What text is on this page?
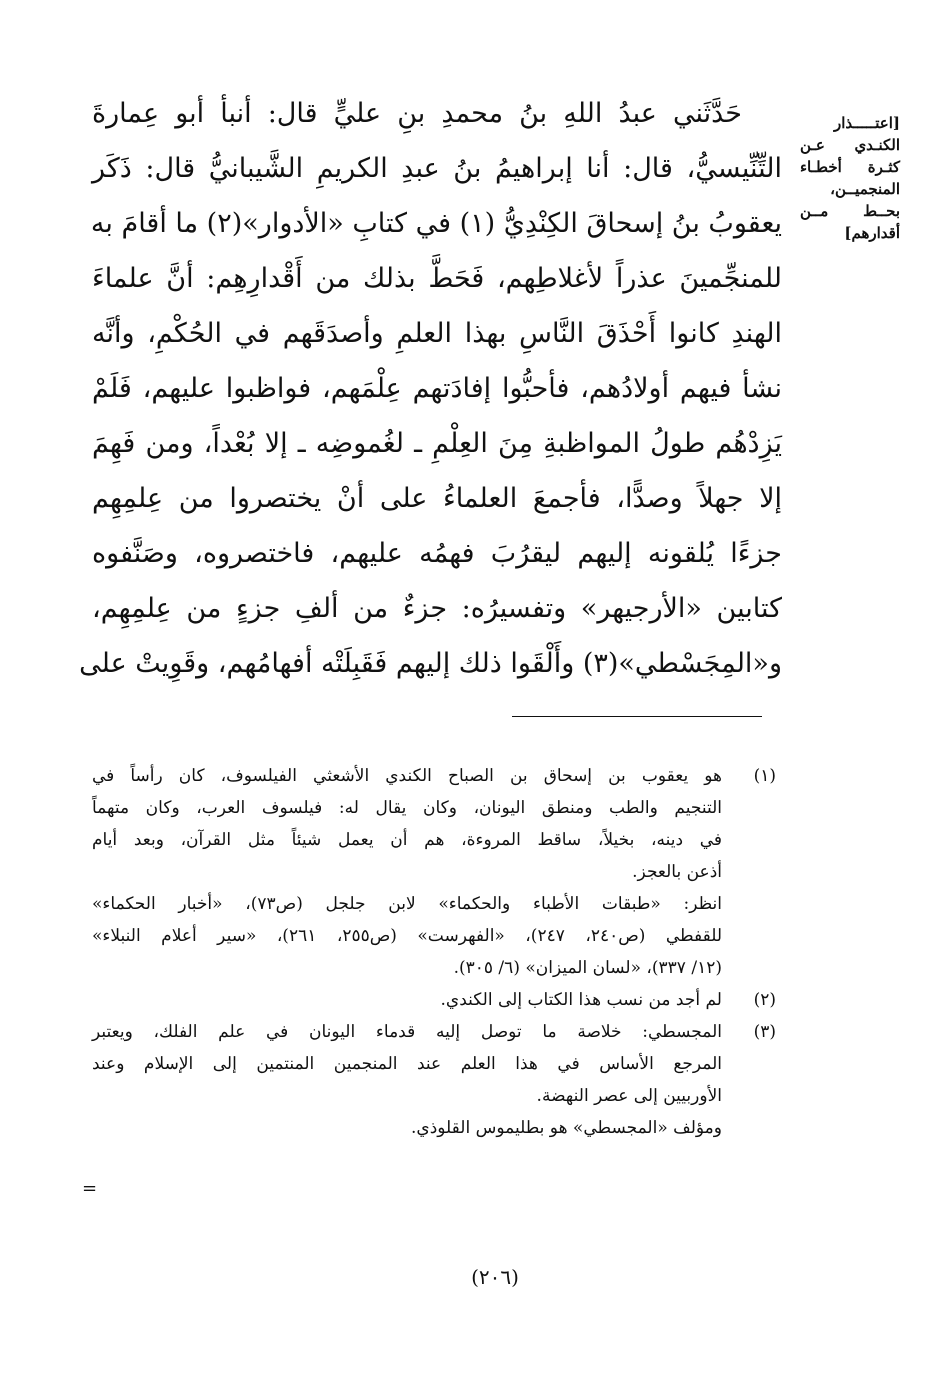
[اعتـــــذار
الكنـدي عـن
كثـرة أخطـاء
المنجميــن،
بحــط مــن
أقدارهم]
حَدَّثَني عبدُ اللهِ بنُ محمدِ بنِ عليٍّ قال: أنبأ أبو عِمارةَ
التِّنِّيسيُّ، قال: أنا إبراهيمُ بنُ عبدِ الكريمِ الشَّيبانيُّ قال: ذَكَر
يعقوبُ بنُ إسحاقَ الكِنْدِيُّ (١) في كتابِ «الأدوار»(٢) ما أقامَ به
للمنجِّمينَ عذراً لأغلاطِهم، فَحَطَّ بذلك من أَقْدارِهِم: أنَّ علماءَ
الهندِ كانوا أَحْذَقَ النَّاسِ بهذا العلمِ وأصدَقَهم في الحُكْمِ، وأنَّه
نشأ فيهم أولادُهم، فأحبُّوا إفادَتهم عِلْمَهم، فواظبوا عليهم، فَلَمْ
يَزِدْهُم طولُ المواظبةِ مِنَ العِلْمِ ـ لغُموضِه ـ إلا بُعْداً، ومن فَهِمَ
إلا جهلاً وصدًّا، فأجمعَ العلماءُ على أنْ يختصروا من عِلمِهِم
جزءًا يُلقونه إليهم ليقرُبَ فهمُه عليهم، فاختصروه، وصَنَّفوه
كتابين «الأرجيهر» وتفسيرُه: جزءٌ من ألفِ جزءٍ من عِلمِهِم،
و«المِجَسْطي»(٣) وأَلْقَوا ذلك إليهم فَقَبِلَتْه أفهامُهم، وقَوِيتْ على
(١)
هو يعقوب بن إسحاق بن الصباح الكندي الأشعثي الفيلسوف، كان رأساً في
التنجيم والطب ومنطق اليونان، وكان يقال له: فيلسوف العرب، وكان متهماً
في دينه، بخيلاً، ساقط المروءة، هم أن يعمل شيئاً مثل القرآن، وبعد أيام
أذعن بالعجز.
انظر: «طبقات الأطباء والحكماء» لابن جلجل (ص٧٣)، «أخبار الحكماء»
للقفطي (ص٢٤٠، ٢٤٧)، «الفهرست» (ص٢٥٥، ٢٦١)، «سير أعلام النبلاء»
(١٢/ ٣٣٧)، «لسان الميزان» (٦/ ٣٠٥).
(٢)
لم أجد من نسب هذا الكتاب إلى الكندي.
(٣)
المجسطي: خلاصة ما توصل إليه قدماء اليونان في علم الفلك، ويعتبر
المرجع الأساس في هذا العلم عند المنجمين المنتمين إلى الإسلام وعند
الأوربيين إلى عصر النهضة.
ومؤلف «المجسطي» هو بطليموس القلوذي.
=
(٢٠٦)
